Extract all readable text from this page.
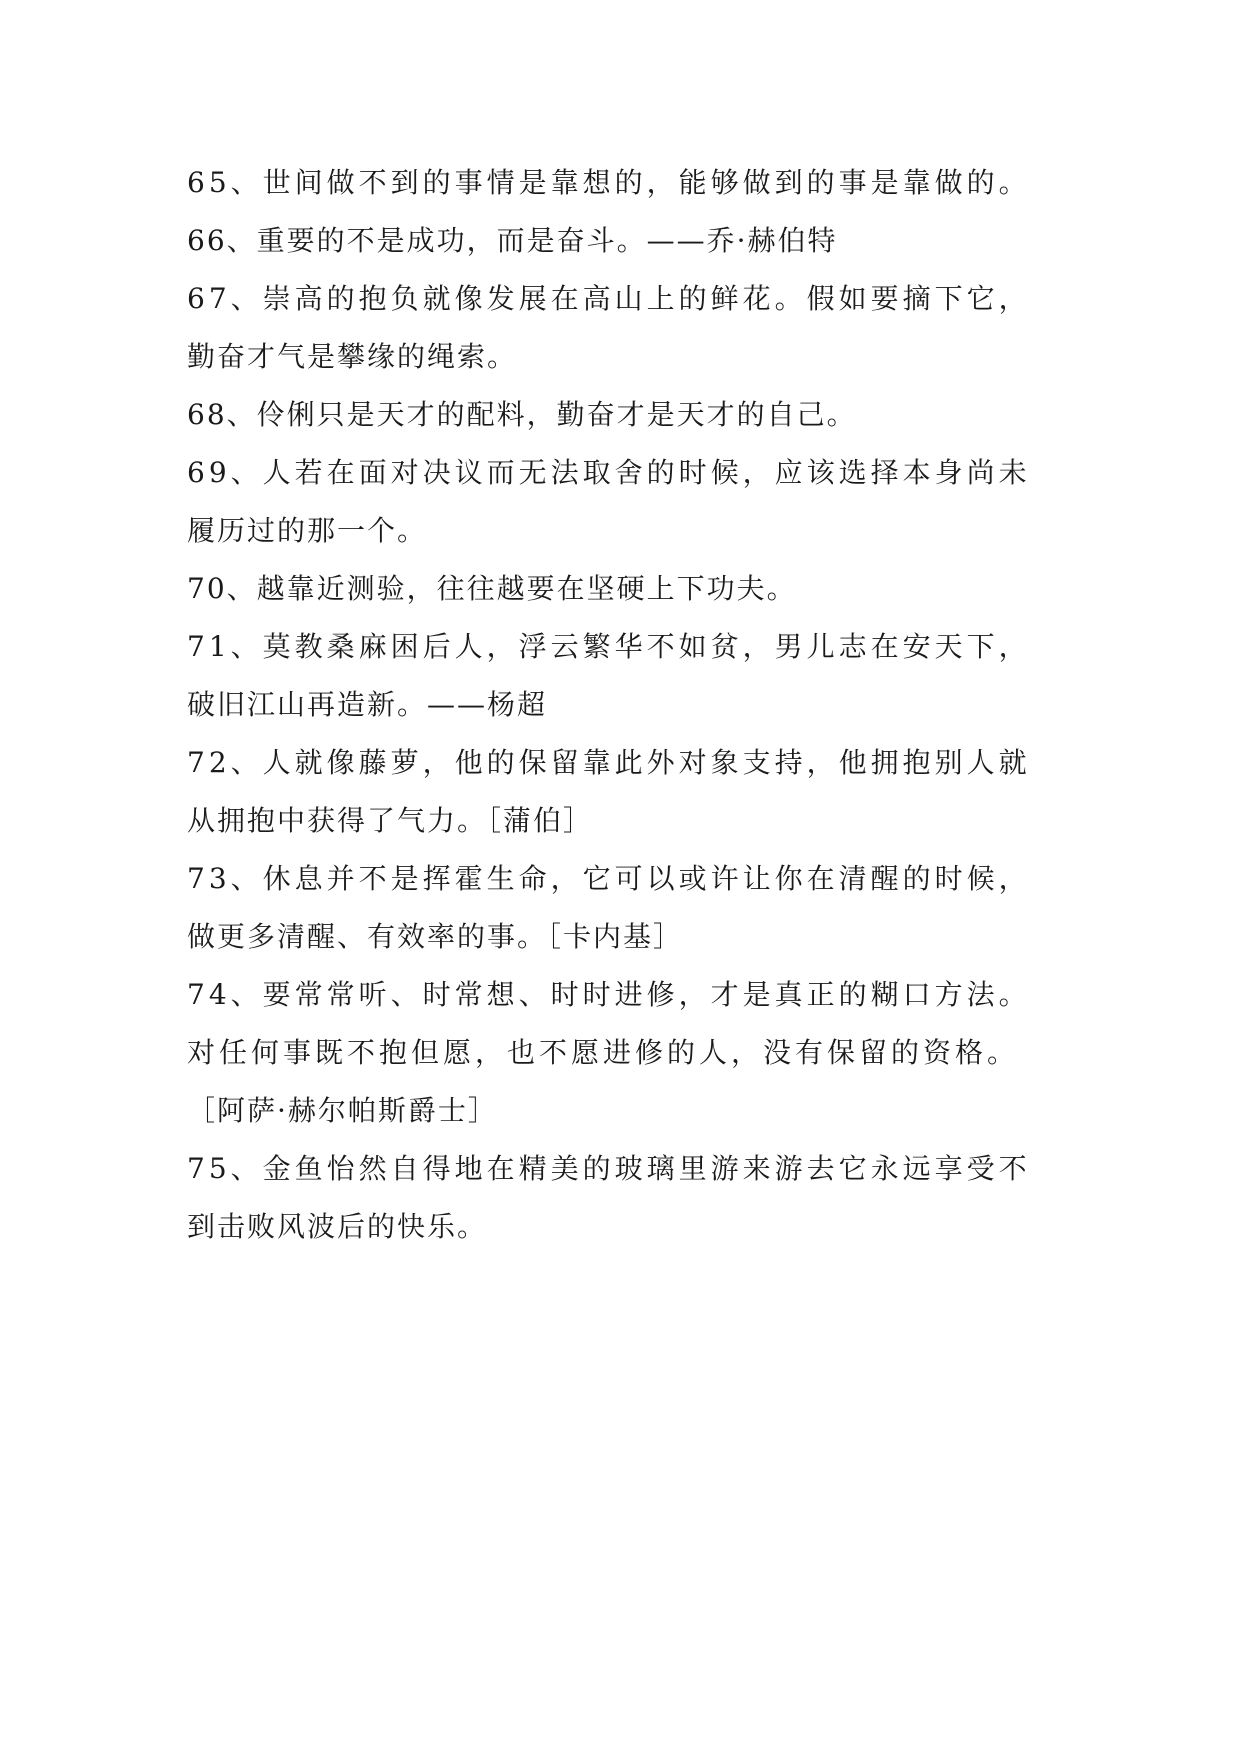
65、世间做不到的事情是靠想的，能够做到的事是靠做的。
66、重要的不是成功，而是奋斗。——乔·赫伯特
67、崇高的抱负就像发展在高山上的鲜花。假如要摘下它，
勤奋才气是攀缘的绳索。
68、伶俐只是天才的配料，勤奋才是天才的自己。
69、人若在面对决议而无法取舍的时候，应该选择本身尚未
履历过的那一个。
70、越靠近测验，往往越要在坚硬上下功夫。
71、莫教桑麻困后人，浮云繁华不如贫，男儿志在安天下，
破旧江山再造新。——杨超
72、人就像藤萝，他的保留靠此外对象支持，他拥抱别人就
从拥抱中获得了气力。［蒲伯］
73、休息并不是挥霍生命，它可以或许让你在清醒的时候，
做更多清醒、有效率的事。［卡内基］
74、要常常听、时常想、时时进修，才是真正的糊口方法。
对任何事既不抱但愿，也不愿进修的人，没有保留的资格。
［阿萨·赫尔帕斯爵士］
75、金鱼怡然自得地在精美的玻璃里游来游去它永远享受不
到击败风波后的快乐。
